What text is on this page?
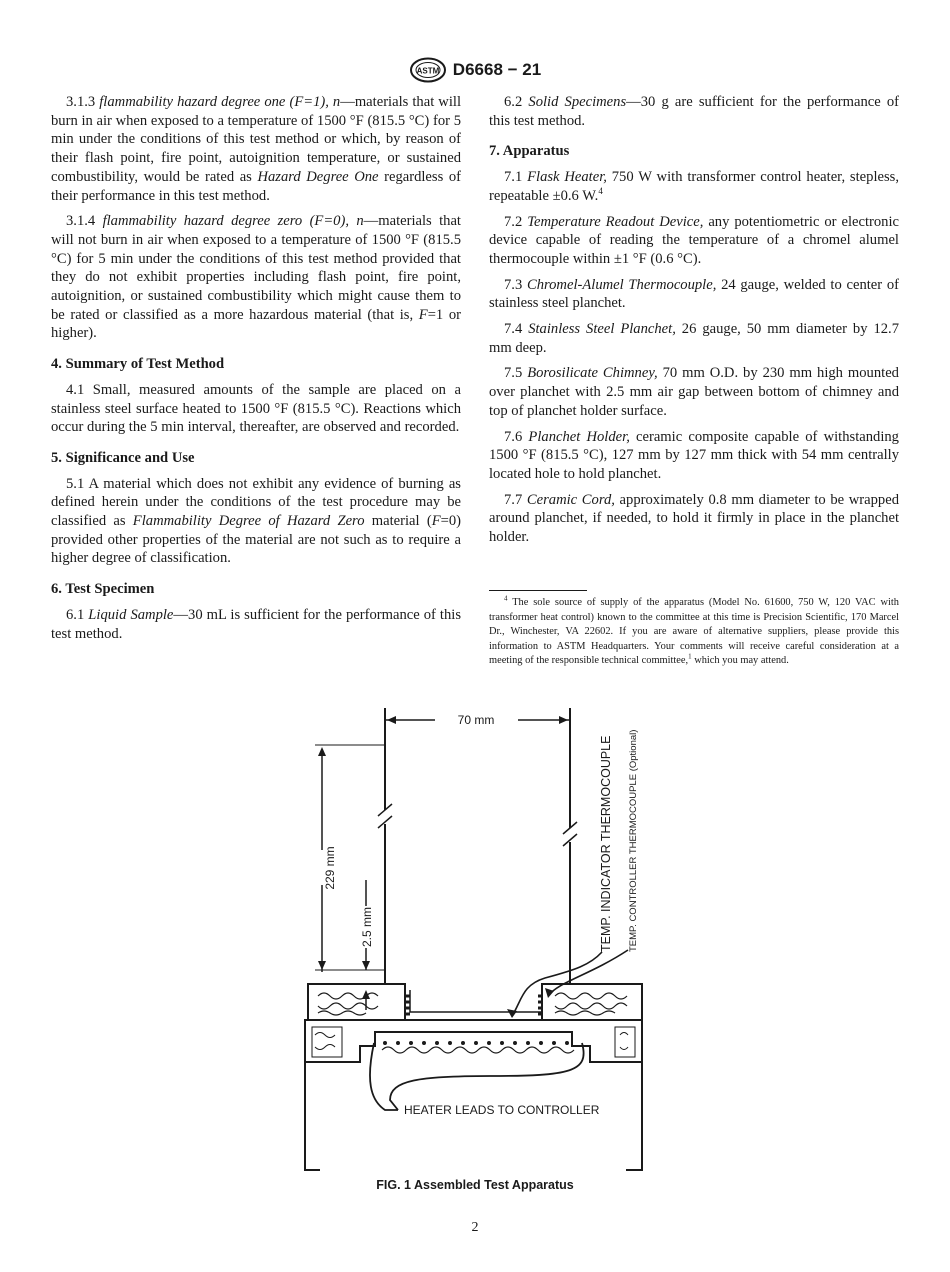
ASTM D6668 − 21

3.1.3 flammability hazard degree one (F=1), n—materials that will burn in air when exposed to a temperature of 1500 °F (815.5 °C) for 5 min under the conditions of this test method or which, by reason of their flash point, fire point, autoignition temperature, or sustained combustibility, would be rated as Hazard Degree One regardless of their performance in this test method.

3.1.4 flammability hazard degree zero (F=0), n—materials that will not burn in air when exposed to a temperature of 1500 °F (815.5 °C) for 5 min under the conditions of this test method provided that they do not exhibit properties including flash point, fire point, autoignition, or sustained combustibility which might cause them to be rated or classified as a more hazardous material (that is, F=1 or higher).

4. Summary of Test Method

4.1 Small, measured amounts of the sample are placed on a stainless steel surface heated to 1500 °F (815.5 °C). Reactions which occur during the 5 min interval, thereafter, are observed and recorded.

5. Significance and Use

5.1 A material which does not exhibit any evidence of burning as defined herein under the conditions of the test procedure may be classified as Flammability Degree of Hazard Zero material (F=0) provided other properties of the material are not such as to require a higher degree of classification.

6. Test Specimen

6.1 Liquid Sample—30 mL is sufficient for the performance of this test method.

6.2 Solid Specimens—30 g are sufficient for the performance of this test method.

7. Apparatus

7.1 Flask Heater, 750 W with transformer control heater, stepless, repeatable ±0.6 W.$^4$

7.2 Temperature Readout Device, any potentiometric or electronic device capable of reading the temperature of a chromel alumel thermocouple within ±1 °F (0.6 °C).

7.3 Chromel-Alumel Thermocouple, 24 gauge, welded to center of stainless steel planchet.

7.4 Stainless Steel Planchet, 26 gauge, 50 mm diameter by 12.7 mm deep.

7.5 Borosilicate Chimney, 70 mm O.D. by 230 mm high mounted over planchet with 2.5 mm air gap between bottom of chimney and top of planchet holder surface.

7.6 Planchet Holder, ceramic composite capable of withstanding 1500 °F (815.5 °C), 127 mm by 127 mm thick with 54 mm centrally located hole to hold planchet.

7.7 Ceramic Cord, approximately 0.8 mm diameter to be wrapped around planchet, if needed, to hold it firmly in place in the planchet holder.

$^4$ The sole source of supply of the apparatus (Model No. 61600, 750 W, 120 VAC with transformer heat control) known to the committee at this time is Precision Scientific, 170 Marcel Dr., Winchester, VA 22602. If you are aware of alternative suppliers, please provide this information to ASTM Headquarters. Your comments will receive careful consideration at a meeting of the responsible technical committee,$^1$ which you may attend.

70 mm
229 mm
2.5 mm	TEMP. INDICATOR THERMOCOUPLE TEMP. CONTROLLER THERMOCOUPLE (Optional)
HEATER LEADS TO CONTROLLER
FIG. 1 Assembled Test Apparatus
2
